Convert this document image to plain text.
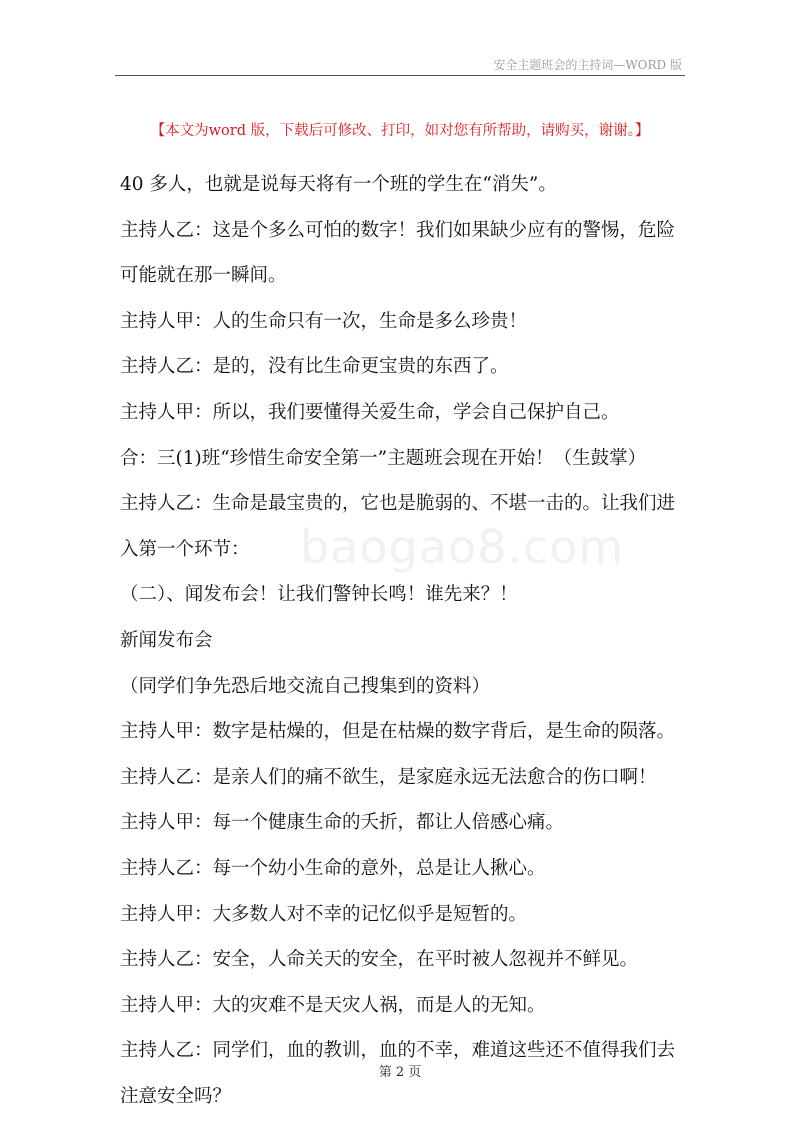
安全主题班会的主持词—WORD 版
【本文为word 版，下载后可修改、打印，如对您有所帮助，请购买，谢谢。】
baogao8.com

40 多人，也就是说每天将有一个班的学生在“消失”。

主持人乙：这是个多么可怕的数字！我们如果缺少应有的警惕，危险可能就在那一瞬间。

主持人甲：人的生命只有一次，生命是多么珍贵！

主持人乙：是的，没有比生命更宝贵的东西了。

主持人甲：所以，我们要懂得关爱生命，学会自己保护自己。

合：三(1)班“珍惜生命安全第一”主题班会现在开始！（生鼓掌）

主持人乙：生命是最宝贵的，它也是脆弱的、不堪一击的。让我们进入第一个环节：

（二）、闻发布会！让我们警钟长鸣！谁先来？！

新闻发布会

（同学们争先恐后地交流自己搜集到的资料）

主持人甲：数字是枯燥的，但是在枯燥的数字背后，是生命的陨落。

主持人乙：是亲人们的痛不欲生，是家庭永远无法愈合的伤口啊！

主持人甲：每一个健康生命的夭折，都让人倍感心痛。

主持人乙：每一个幼小生命的意外，总是让人揪心。

主持人甲：大多数人对不幸的记忆似乎是短暂的。

主持人乙：安全，人命关天的安全，在平时被人忽视并不鲜见。

主持人甲：大的灾难不是天灾人祸，而是人的无知。

主持人乙：同学们，血的教训，血的不幸，难道这些还不值得我们去注意安全吗？

第 2 页
